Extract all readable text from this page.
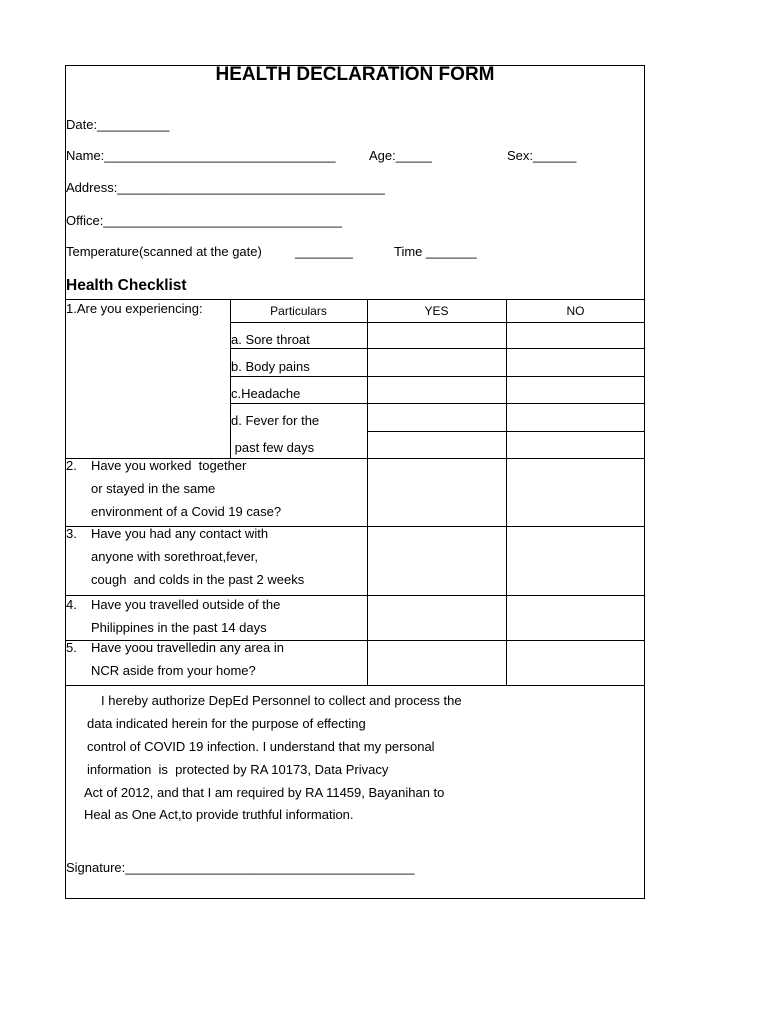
HEALTH DECLARATION FORM
Date:__________
Name:________________________________	Age:_____	Sex:______
Address:_____________________________________
Office:_________________________________
Temperature(scanned at the gate)	________	Time _______
Health Checklist
Particulars	YES	NO
1.Are you experiencing:
a. Sore throat
b. Body pains
c.Headache
d. Fever for the
past few days
2. Have you worked  together
or stayed in the same
environment of a Covid 19 case?
3. Have you had any contact with
anyone with sorethroat,fever,
cough  and colds in the past 2 weeks
4. Have you travelled outside of the
Philippines in the past 14 days
5. Have yoou travelledin any area in
NCR aside from your home?
I hereby authorize DepEd Personnel to collect and process the
data indicated herein for the purpose of effecting
control of COVID 19 infection. I understand that my personal
information  is  protected by RA 10173, Data Privacy
Act of 2012, and that I am required by RA 11459, Bayanihan to
Heal as One Act,to provide truthful information.
Signature:________________________________________
